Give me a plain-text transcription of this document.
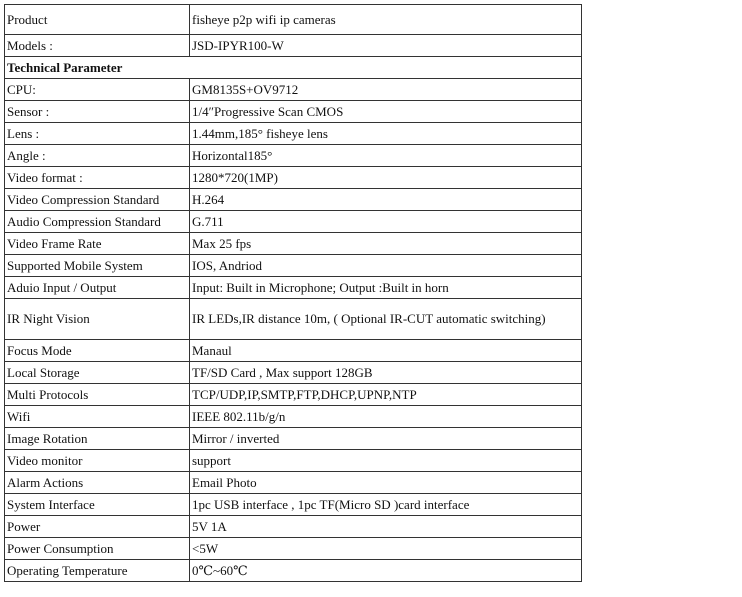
Product	fisheye p2p wifi ip cameras
Models :	JSD-IPYR100-W
Technical Parameter	
CPU:	GM8135S+OV9712
Sensor :	1/4″Progressive Scan CMOS
Lens :	1.44mm,185° fisheye lens
Angle :	Horizontal185°
Video format :	1280*720(1MP)
Video Compression Standard	H.264
Audio Compression Standard	G.711
Video Frame Rate	Max 25 fps
Supported Mobile System	IOS, Andriod
Aduio Input / Output	Input: Built in Microphone; Output :Built in horn
IR Night Vision	IR LEDs,IR distance 10m, ( Optional IR-CUT automatic switching)
Focus Mode	Manaul
Local Storage	TF/SD Card , Max support 128GB
Multi Protocols	TCP/UDP,IP,SMTP,FTP,DHCP,UPNP,NTP
Wifi	IEEE 802.11b/g/n
Image Rotation	Mirror / inverted
Video monitor	support
Alarm Actions	Email Photo
System Interface	1pc USB interface , 1pc TF(Micro SD )card interface
Power	5V 1A
Power Consumption	<5W
Operating Temperature	0℃~60℃
